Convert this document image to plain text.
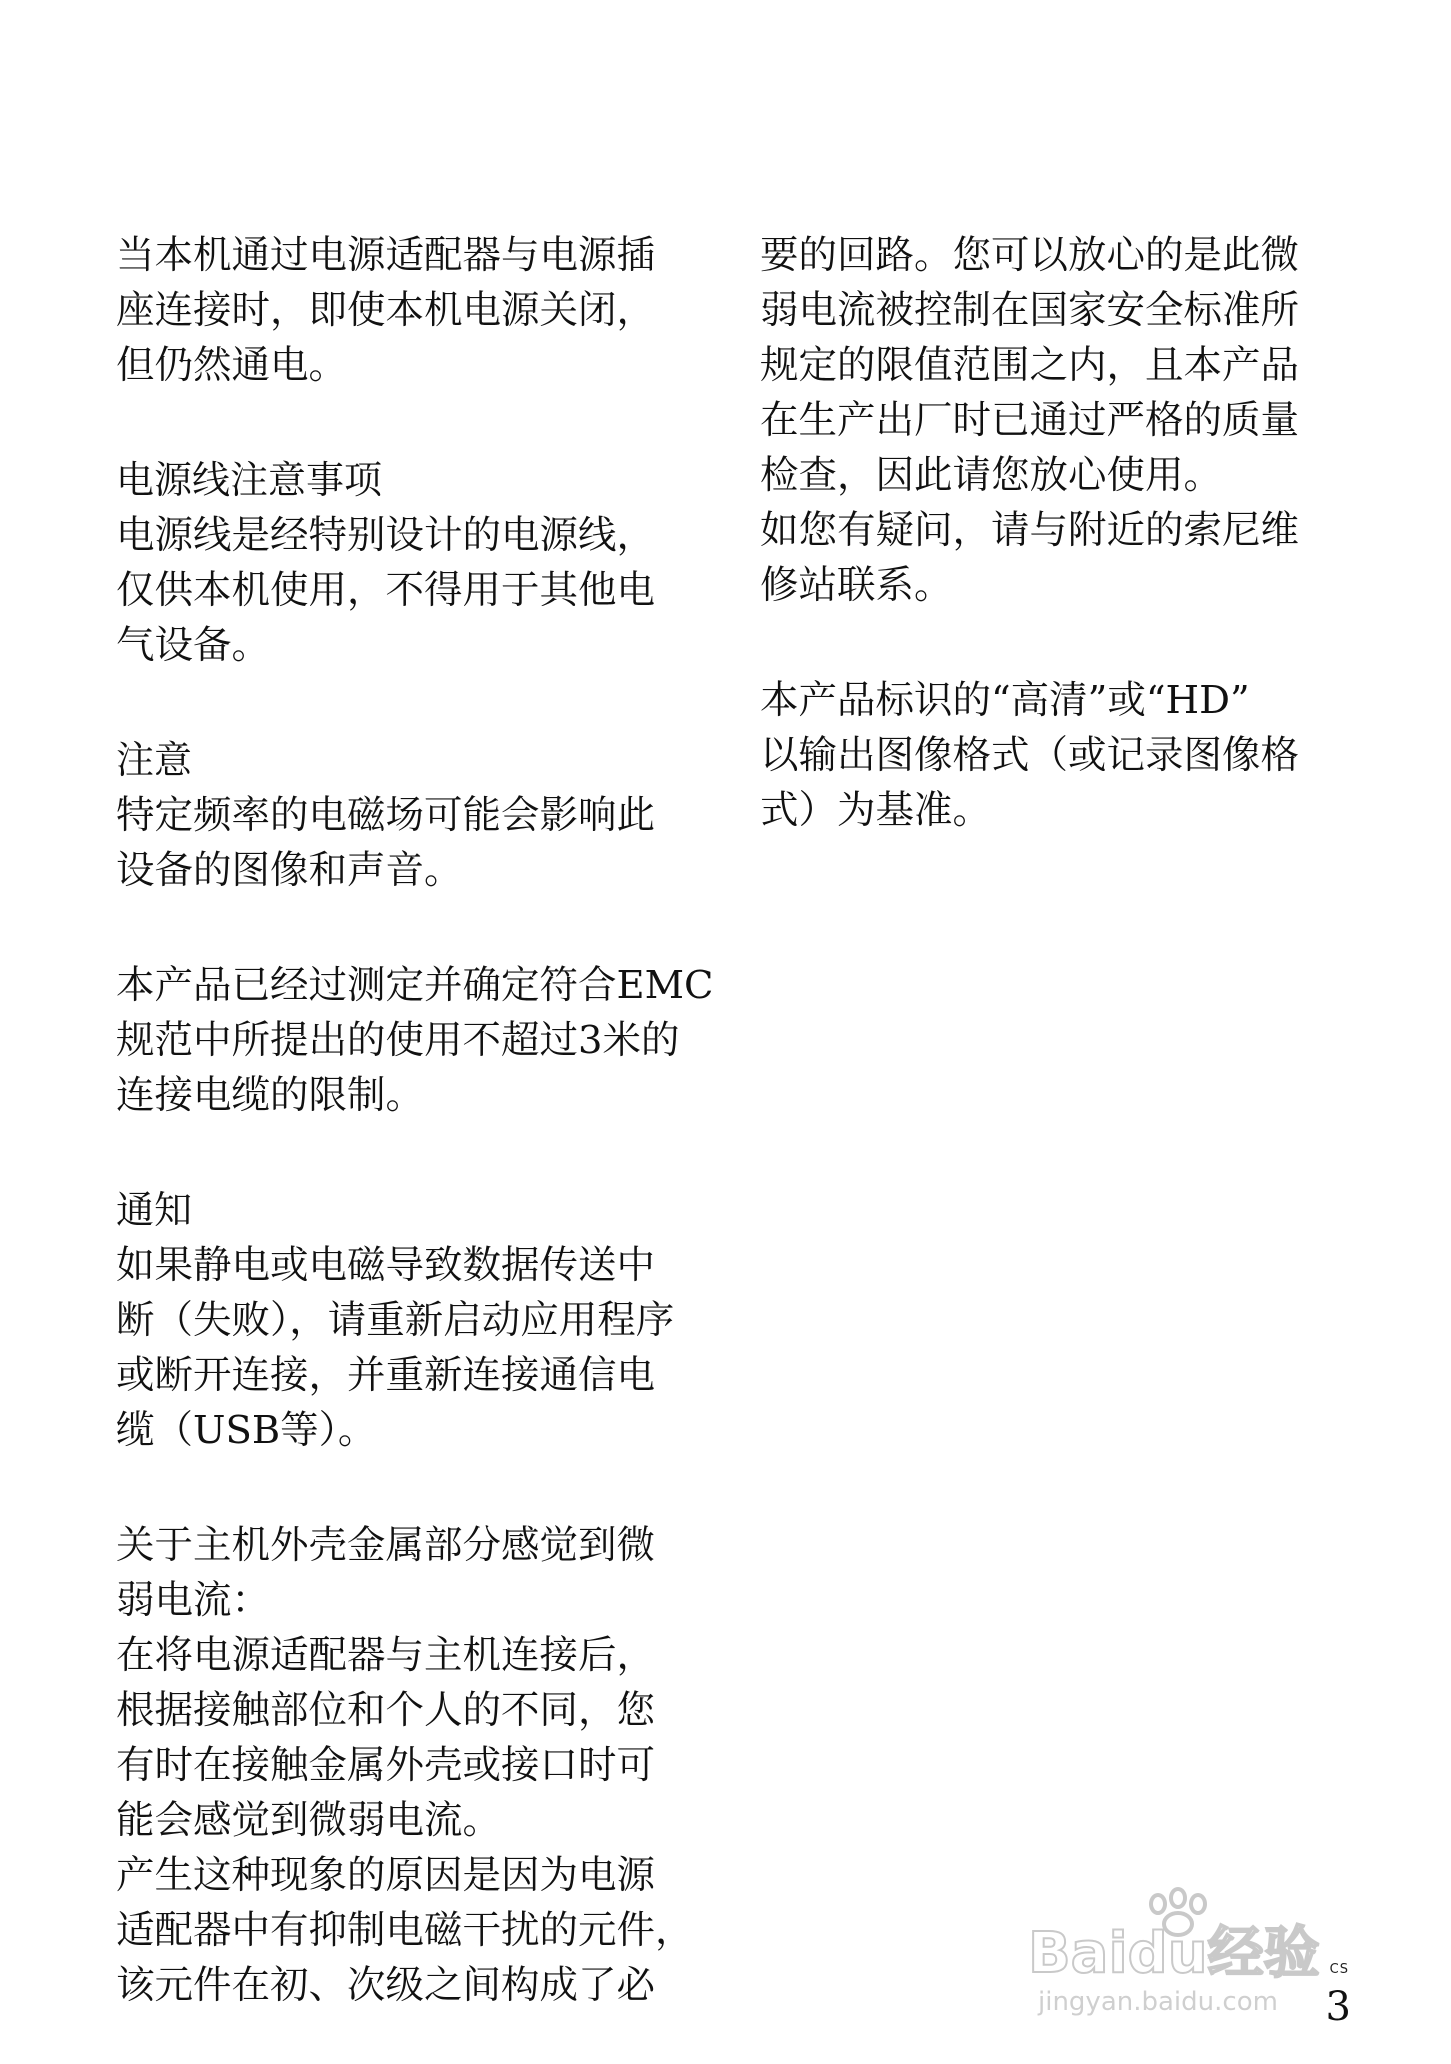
当本机通过电源适配器与电源插
座连接时，即使本机电源关闭，
但仍然通电。
电源线注意事项
电源线是经特别设计的电源线，
仅供本机使用，不得用于其他电
气设备。
注意
特定频率的电磁场可能会影响此
设备的图像和声音。
本产品已经过测定并确定符合EMC
规范中所提出的使用不超过3米的
连接电缆的限制。
通知
如果静电或电磁导致数据传送中
断（失败），请重新启动应用程序
或断开连接，并重新连接通信电
缆（USB等）。
关于主机外壳金属部分感觉到微
弱电流：
在将电源适配器与主机连接后，
根据接触部位和个人的不同，您
有时在接触金属外壳或接口时可
能会感觉到微弱电流。
产生这种现象的原因是因为电源
适配器中有抑制电磁干扰的元件，
该元件在初、次级之间构成了必
要的回路。您可以放心的是此微
弱电流被控制在国家安全标准所
规定的限值范围之内，且本产品
在生产出厂时已通过严格的质量
检查，因此请您放心使用。
如您有疑问，请与附近的索尼维
修站联系。
本产品标识的“高清”或“HD”
以输出图像格式（或记录图像格
式）为基准。
Baidu经验
jingyan.baidu.com
CS
3
